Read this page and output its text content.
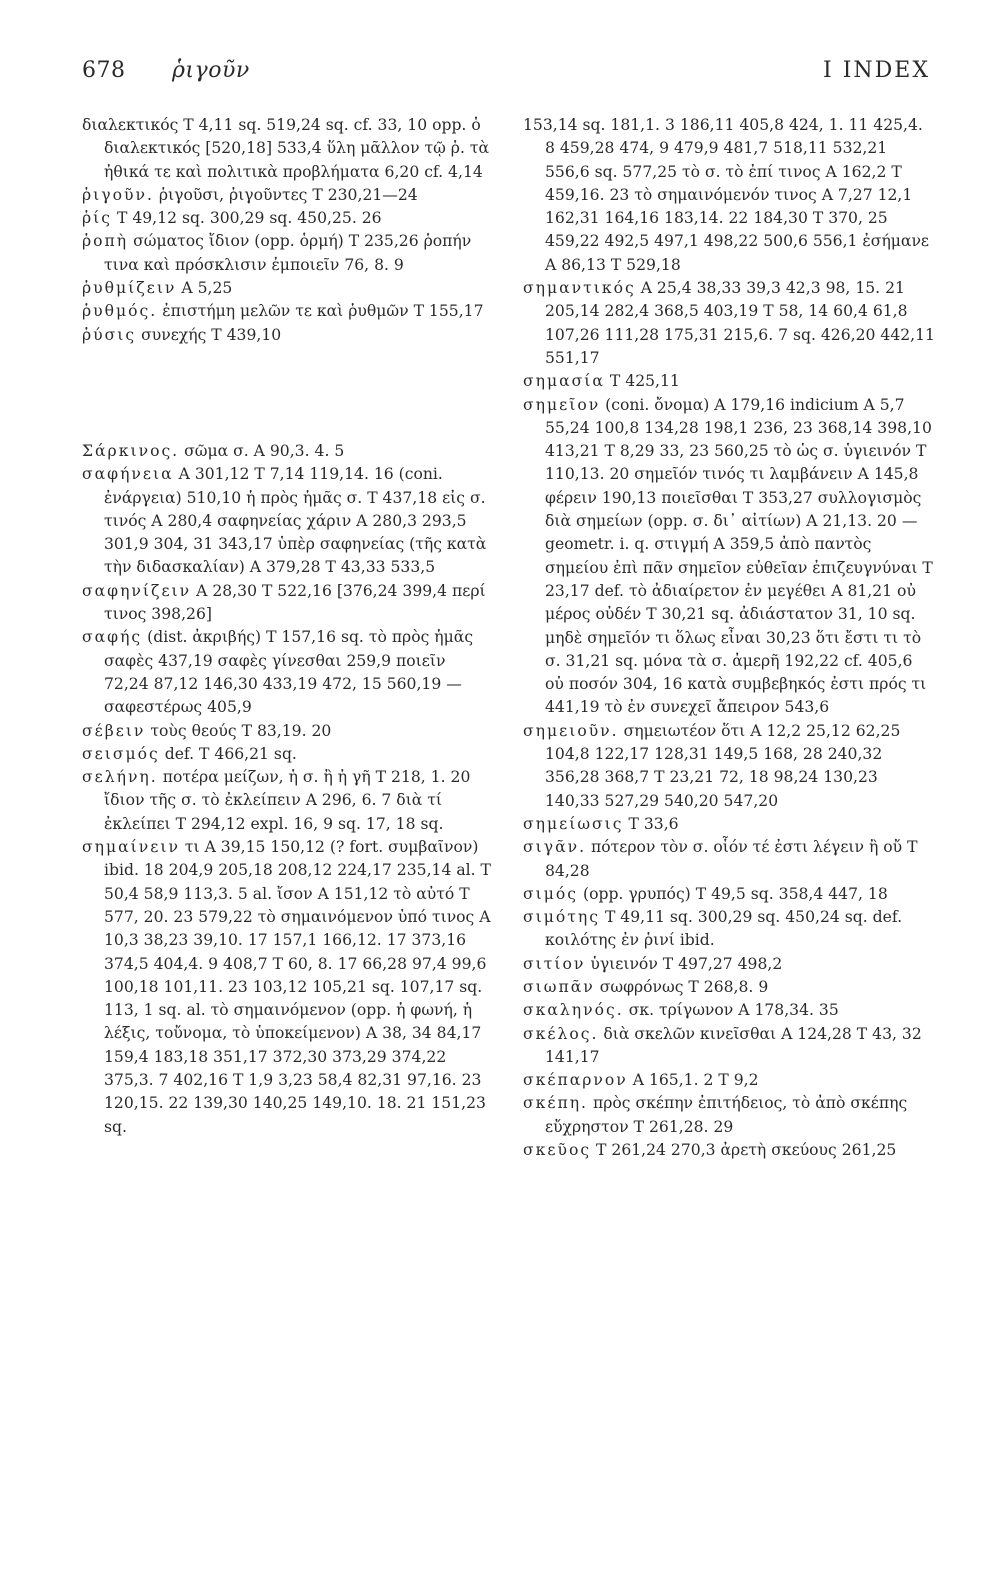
678 ῥιγοῦν	I INDEX

διαλεκτικός T 4,11 sq. 519,24 sq. cf. 33, 10 opp. ὁ διαλεκτικός [520,18] 533,4 ὕλη μᾶλλον τῷ ῥ. τὰ ἠθικά τε καὶ πολιτικὰ προβλήματα 6,20 cf. 4,14

ῥιγοῦν. ῥιγοῦσι, ῥιγοῦντες T 230,21—24

ῥίς T 49,12 sq. 300,29 sq. 450,25. 26

ῥοπὴ σώματος ἴδιον (opp. ὁρμή) T 235,26 ῥοπήν τινα καὶ πρόσκλισιν ἐμποιεῖν 76, 8. 9

ῥυθμίζειν A 5,25

ῥυθμός. ἐπιστήμη μελῶν τε καὶ ῥυθμῶν T 155,17

ῥύσις συνεχής T 439,10

Σάρκινος. σῶμα σ. A 90,3. 4. 5

σαφήνεια A 301,12 T 7,14 119,14. 16 (coni. ἐνάργεια) 510,10 ἡ πρὸς ἡμᾶς σ. T 437,18 εἰς σ. τινός A 280,4 σαφηνείας χάριν A 280,3 293,5 301,9 304, 31 343,17 ὑπὲρ σαφηνείας (τῆς κατὰ τὴν διδασκαλίαν) A 379,28 T 43,33 533,5

σαφηνίζειν A 28,30 T 522,16 [376,24 399,4 περί τινος 398,26]

σαφής (dist. ἀκριβής) T 157,16 sq. τὸ πρὸς ἡμᾶς σαφὲς 437,19 σαφὲς γίνεσθαι 259,9 ποιεῖν 72,24 87,12 146,30 433,19 472, 15 560,19 — σαφεστέρως 405,9

σέβειν τοὺς θεούς T 83,19. 20

σεισμός def. T 466,21 sq.

σελήνη. ποτέρα μείζων, ἡ σ. ἢ ἡ γῆ T 218, 1. 20 ἴδιον τῆς σ. τὸ ἐκλείπειν A 296, 6. 7 διὰ τί ἐκλείπει T 294,12 expl. 16, 9 sq. 17, 18 sq.

σημαίνειν τι A 39,15 150,12 (? fort. συμβαῖνον) ibid. 18 204,9 205,18 208,12 224,17 235,14 al. T 50,4 58,9 113,3. 5 al. ἴσον A 151,12 τὸ αὐτό T 577, 20. 23 579,22 τὸ σημαινόμενον ὑπό τινος A 10,3 38,23 39,10. 17 157,1 166,12. 17 373,16 374,5 404,4. 9 408,7 T 60, 8. 17 66,28 97,4 99,6 100,18 101,11. 23 103,12 105,21 sq. 107,17 sq. 113, 1 sq. al. τὸ σημαινόμενον (opp. ἡ φωνή, ἡ λέξις, τοὔνομα, τὸ ὑποκείμενον) A 38, 34 84,17 159,4 183,18 351,17 372,30 373,29 374,22 375,3. 7 402,16 T 1,9 3,23 58,4 82,31 97,16. 23 120,15. 22 139,30 140,25 149,10. 18. 21 151,23 sq.

153,14 sq. 181,1. 3 186,11 405,8 424, 1. 11 425,4. 8 459,28 474, 9 479,9 481,7 518,11 532,21 556,6 sq. 577,25 τὸ σ. τὸ ἐπί τινος A 162,2 T 459,16. 23 τὸ σημαινόμενόν τινος A 7,27 12,1 162,31 164,16 183,14. 22 184,30 T 370, 25 459,22 492,5 497,1 498,22 500,6 556,1 ἐσήμανε A 86,13 T 529,18

σημαντικός A 25,4 38,33 39,3 42,3 98, 15. 21 205,14 282,4 368,5 403,19 T 58, 14 60,4 61,8 107,26 111,28 175,31 215,6. 7 sq. 426,20 442,11 551,17

σημασία T 425,11

σημεῖον (coni. ὄνομα) A 179,16 indicium A 5,7 55,24 100,8 134,28 198,1 236, 23 368,14 398,10 413,21 T 8,29 33, 23 560,25 τὸ ὡς σ. ὑγιεινόν T 110,13. 20 σημεῖόν τινός τι λαμβάνειν A 145,8 φέρειν 190,13 ποιεῖσθαι T 353,27 συλλογισμὸς διὰ σημείων (opp. σ. δι᾽ αἰτίων) A 21,13. 20 — geometr. i. q. στιγμή A 359,5 ἀπὸ παντὸς σημείου ἐπὶ πᾶν σημεῖον εὐθεῖαν ἐπιζευγνύναι T 23,17 def. τὸ ἀδιαίρετον ἐν μεγέθει A 81,21 οὐ μέρος οὐδέν T 30,21 sq. ἀδιάστατον 31, 10 sq. μηδὲ σημεῖόν τι ὅλως εἶναι 30,23 ὅτι ἔστι τι τὸ σ. 31,21 sq. μόνα τὰ σ. ἀμερῆ 192,22 cf. 405,6 οὐ ποσόν 304, 16 κατὰ συμβεβηκός ἐστι πρός τι 441,19 τὸ ἐν συνεχεῖ ἄπειρον 543,6

σημειοῦν. σημειωτέον ὅτι A 12,2 25,12 62,25 104,8 122,17 128,31 149,5 168, 28 240,32 356,28 368,7 T 23,21 72, 18 98,24 130,23 140,33 527,29 540,20 547,20

σημείωσις T 33,6

σιγᾶν. πότερον τὸν σ. οἷόν τέ ἐστι λέγειν ἢ οὔ T 84,28

σιμός (opp. γρυπός) T 49,5 sq. 358,4 447, 18

σιμότης T 49,11 sq. 300,29 sq. 450,24 sq. def. κοιλότης ἐν ῥινί ibid.

σιτίον ὑγιεινόν T 497,27 498,2

σιωπᾶν σωφρόνως T 268,8. 9

σκαληνός. σκ. τρίγωνον A 178,34. 35

σκέλος. διὰ σκελῶν κινεῖσθαι A 124,28 T 43, 32 141,17

σκέπαρνον A 165,1. 2 T 9,2

σκέπη. πρὸς σκέπην ἐπιτήδειος, τὸ ἀπὸ σκέπης εὔχρηστον T 261,28. 29

σκεῦος T 261,24 270,3 ἀρετὴ σκεύους 261,25
